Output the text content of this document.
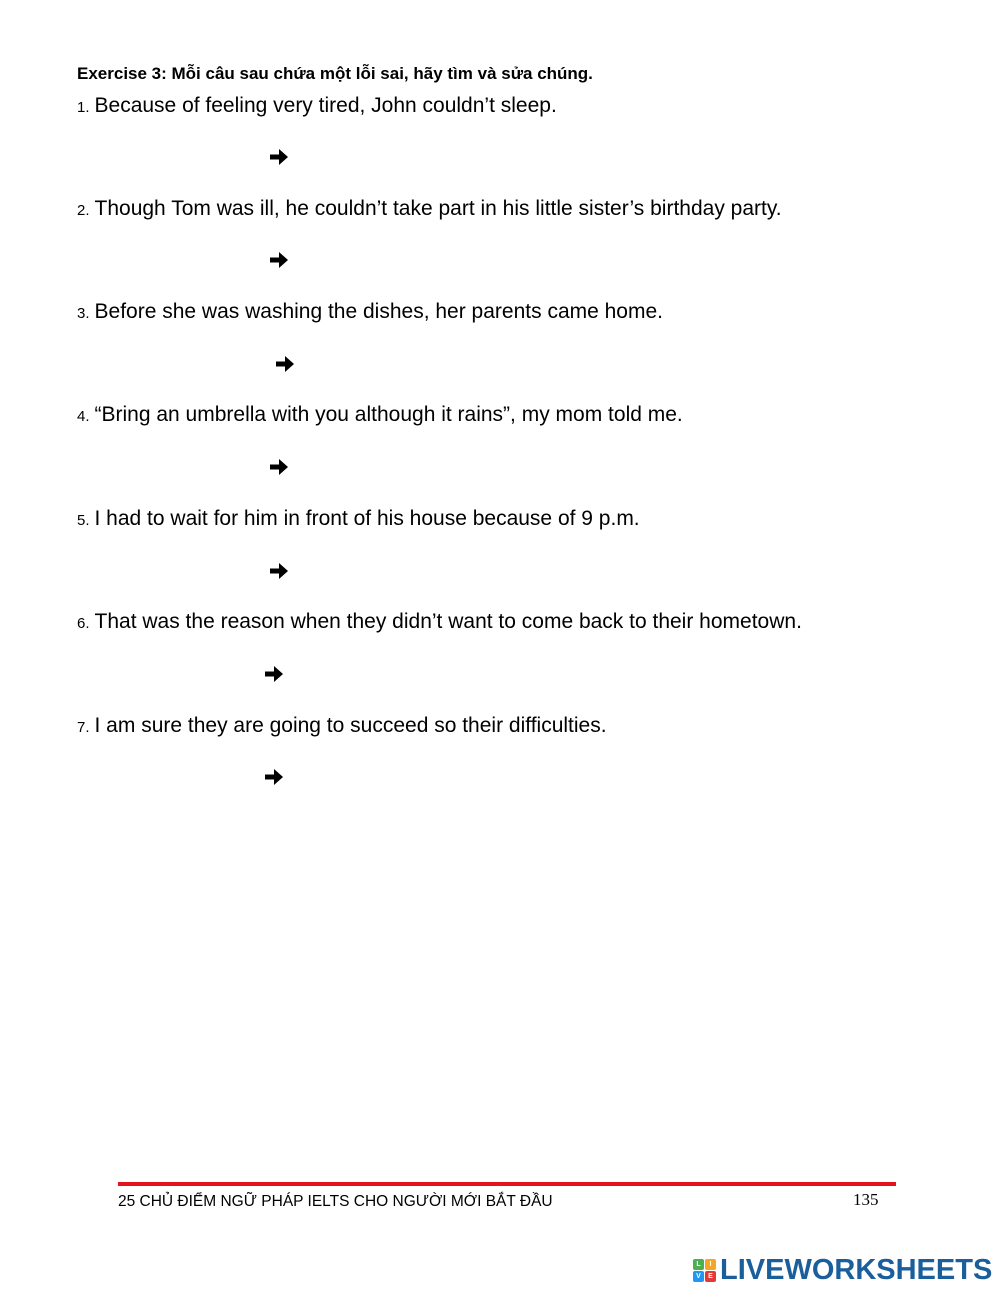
Exercise 3: Mỗi câu sau chứa một lỗi sai, hãy tìm và sửa chúng.
1. Because of feeling very tired, John couldn’t sleep.
2. Though Tom was ill, he couldn’t take part in his little sister’s birthday party.
3. Before she was washing the dishes, her parents came home.
4. “Bring an umbrella with you although it rains”, my mom told me.
5. I had to wait for him in front of his house because of 9 p.m.
6. That was the reason when they didn’t want to come back to their hometown.
7. I am sure they are going to succeed so their difficulties.
25 CHỦ ĐIỂM NGỮ PHÁP IELTS CHO NGƯỜI MỚI BẮT ĐẦU	135
L	I
V	E LIVEWORKSHEETS
